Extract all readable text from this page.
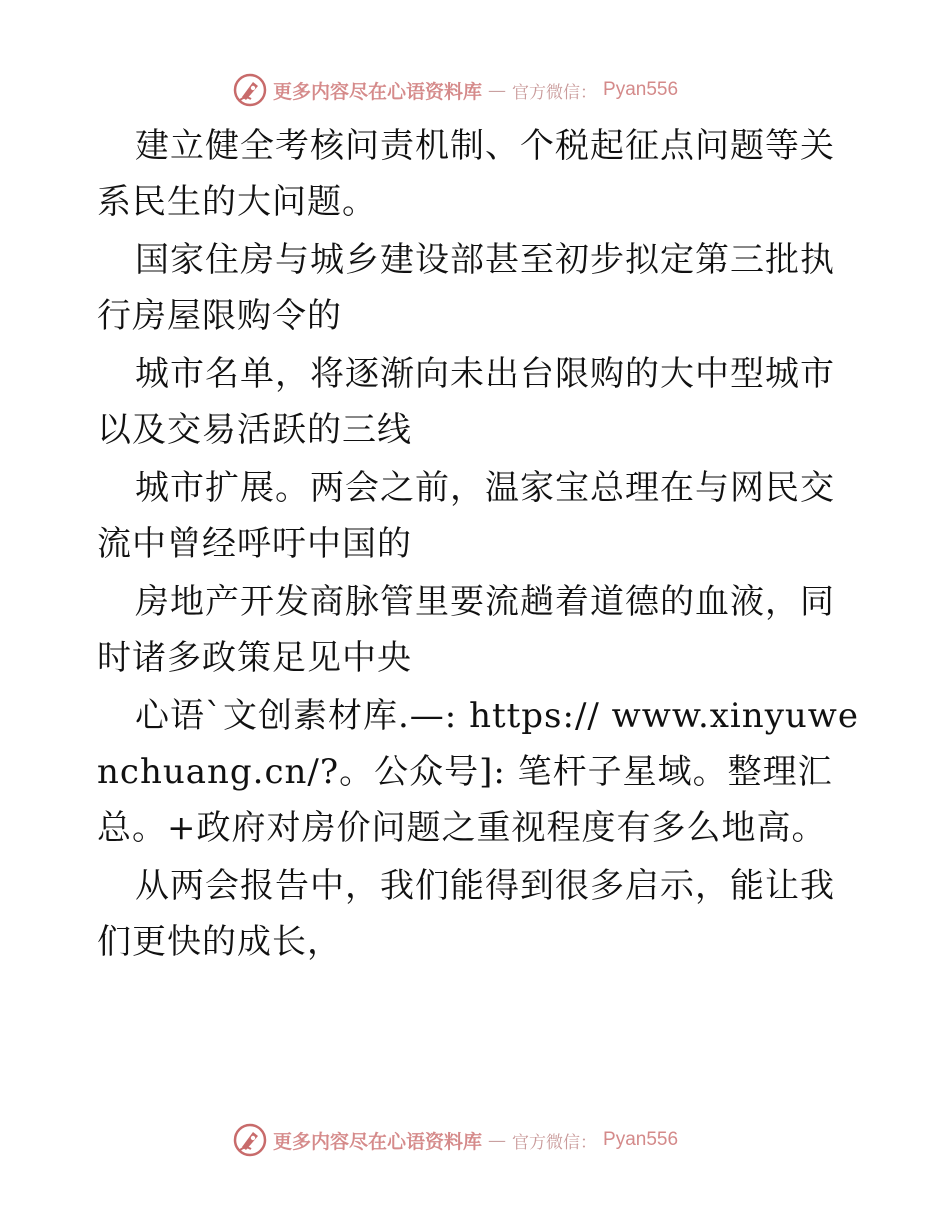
更多内容尽在心语资料库 — 官方微信： Pyan556

建立健全考核问责机制、个税起征点问题等关系民生的大问题。

国家住房与城乡建设部甚至初步拟定第三批执行房屋限购令的

城市名单，将逐渐向未出台限购的大中型城市以及交易活跃的三线

城市扩展。两会之前，温家宝总理在与网民交流中曾经呼吁中国的

房地产开发商脉管里要流趟着道德的血液，同时诸多政策足见中央

心语`文创素材库.—: https:// www.xinyuwenchuang.cn/?。公众号]: 笔杆子星域。整理汇总。+政府对房价问题之重视程度有多么地高。

从两会报告中，我们能得到很多启示，能让我们更快的成长，

更多内容尽在心语资料库 — 官方微信： Pyan556
